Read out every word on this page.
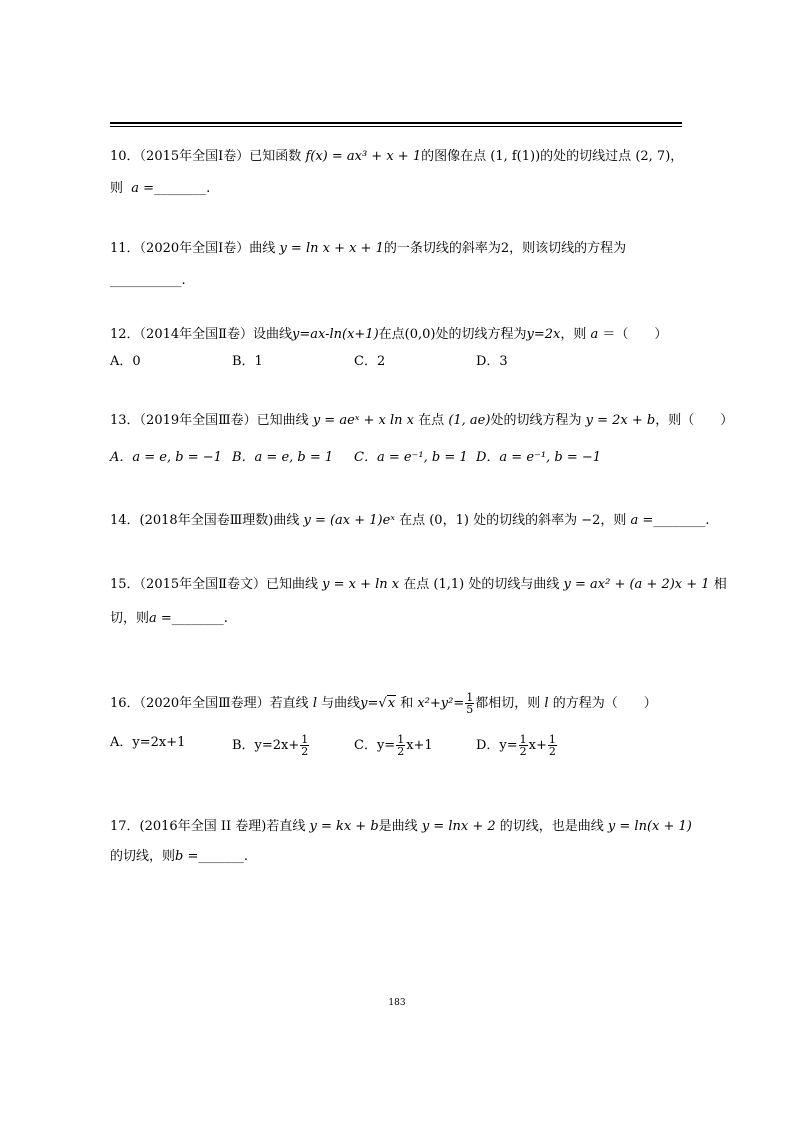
10．（2015年全国Ⅰ卷）已知函数 f(x) = ax³ + x + 1的图像在点 (1, f(1))的处的切线过点 (2, 7)，
则 a =________.
11．（2020年全国Ⅰ卷）曲线 y = ln x + x + 1的一条切线的斜率为2，则该切线的方程为
___________.
12．（2014年全国Ⅱ卷）设曲线y=ax-ln(x+1)在点(0,0)处的切线方程为y=2x，则 a ＝（　　）
A．0	B．1	C．2	D．3
13．（2019年全国Ⅲ卷）已知曲线 y = aeˣ + x ln x 在点 (1, ae)处的切线方程为 y = 2x + b，则（　　）
A．a = e, b = −1 B．a = e, b = 1 C．a = e⁻¹, b = 1 D．a = e⁻¹, b = −1
14．(2018年全国卷Ⅲ理数)曲线 y = (ax + 1)eˣ 在点 (0，1) 处的切线的斜率为 −2，则 a =________.
15．（2015年全国Ⅱ卷文）已知曲线 y = x + ln x 在点 (1,1) 处的切线与曲线 y = ax² + (a + 2)x + 1 相
切，则a =________.
16．（2020年全国Ⅲ卷理）若直线 l 与曲线y=√x 和 $x^2+y^2= \frac{1}{5}$ 都相切，则 l 的方程为（　　）
A．y=2x+1	B．$y=2x+ \frac{1}{2}$	C．$y= \frac{1}{2} x+1$	D．$y= \frac{1}{2} x+ \frac{1}{2}$
17．(2016年全国 II 卷理)若直线 y = kx + b是曲线 y = lnx + 2 的切线，也是曲线 y = ln(x + 1)
的切线，则b =_______.
183
